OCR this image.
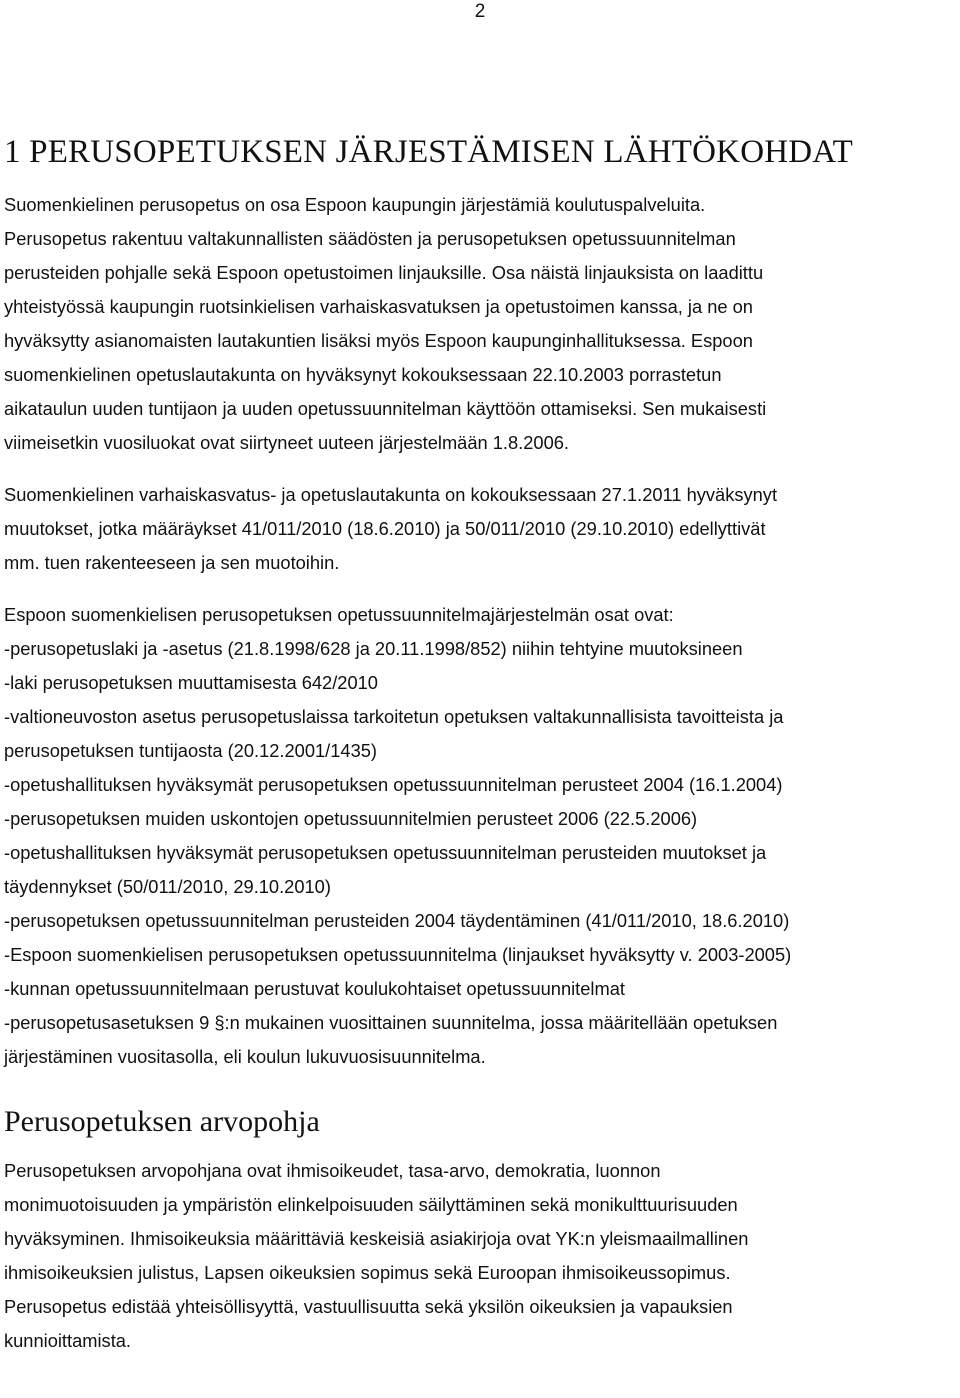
2
1 PERUSOPETUKSEN JÄRJESTÄMISEN LÄHTÖKOHDAT
Suomenkielinen perusopetus on osa Espoon kaupungin järjestämiä koulutuspalveluita.
Perusopetus rakentuu valtakunnallisten säädösten ja perusopetuksen opetussuunnitelman
perusteiden pohjalle sekä Espoon opetustoimen linjauksille. Osa näistä linjauksista on laadittu
yhteistyössä kaupungin ruotsinkielisen varhaiskasvatuksen ja opetustoimen kanssa, ja ne on
hyväksytty asianomaisten lautakuntien lisäksi myös Espoon kaupunginhallituksessa. Espoon
suomenkielinen opetuslautakunta on hyväksynyt kokouksessaan 22.10.2003 porrastetun
aikataulun uuden tuntijaon ja uuden opetussuunnitelman käyttöön ottamiseksi. Sen mukaisesti
viimeisetkin vuosiluokat ovat siirtyneet uuteen järjestelmään 1.8.2006.
Suomenkielinen varhaiskasvatus- ja opetuslautakunta on kokouksessaan 27.1.2011 hyväksynyt
muutokset, jotka määräykset 41/011/2010 (18.6.2010) ja 50/011/2010 (29.10.2010) edellyttivät
mm. tuen rakenteeseen ja sen muotoihin.
Espoon suomenkielisen perusopetuksen opetussuunnitelmajärjestelmän osat ovat:
-perusopetuslaki ja -asetus (21.8.1998/628 ja 20.11.1998/852) niihin tehtyine muutoksineen
-laki perusopetuksen muuttamisesta 642/2010
-valtioneuvoston asetus perusopetuslaissa tarkoitetun opetuksen valtakunnallisista tavoitteista ja
perusopetuksen tuntijaosta (20.12.2001/1435)
-opetushallituksen hyväksymät perusopetuksen opetussuunnitelman perusteet 2004 (16.1.2004)
-perusopetuksen muiden uskontojen opetussuunnitelmien perusteet 2006 (22.5.2006)
-opetushallituksen hyväksymät perusopetuksen opetussuunnitelman perusteiden muutokset ja
täydennykset (50/011/2010, 29.10.2010)
-perusopetuksen opetussuunnitelman perusteiden 2004 täydentäminen (41/011/2010, 18.6.2010)
-Espoon suomenkielisen perusopetuksen opetussuunnitelma (linjaukset hyväksytty v. 2003-2005)
-kunnan opetussuunnitelmaan perustuvat koulukohtaiset opetussuunnitelmat
-perusopetusasetuksen 9 §:n mukainen vuosittainen suunnitelma, jossa määritellään opetuksen
järjestäminen vuositasolla, eli koulun lukuvuosisuunnitelma.
Perusopetuksen arvopohja
Perusopetuksen arvopohjana ovat ihmisoikeudet, tasa-arvo, demokratia, luonnon
monimuotoisuuden ja ympäristön elinkelpoisuuden säilyttäminen sekä monikulttuurisuuden
hyväksyminen. Ihmisoikeuksia määrittäviä keskeisiä asiakirjoja ovat YK:n yleismaailmallinen
ihmisoikeuksien julistus, Lapsen oikeuksien sopimus sekä Euroopan ihmisoikeussopimus.
Perusopetus edistää yhteisöllisyyttä, vastuullisuutta sekä yksilön oikeuksien ja vapauksien
kunnioittamista.
